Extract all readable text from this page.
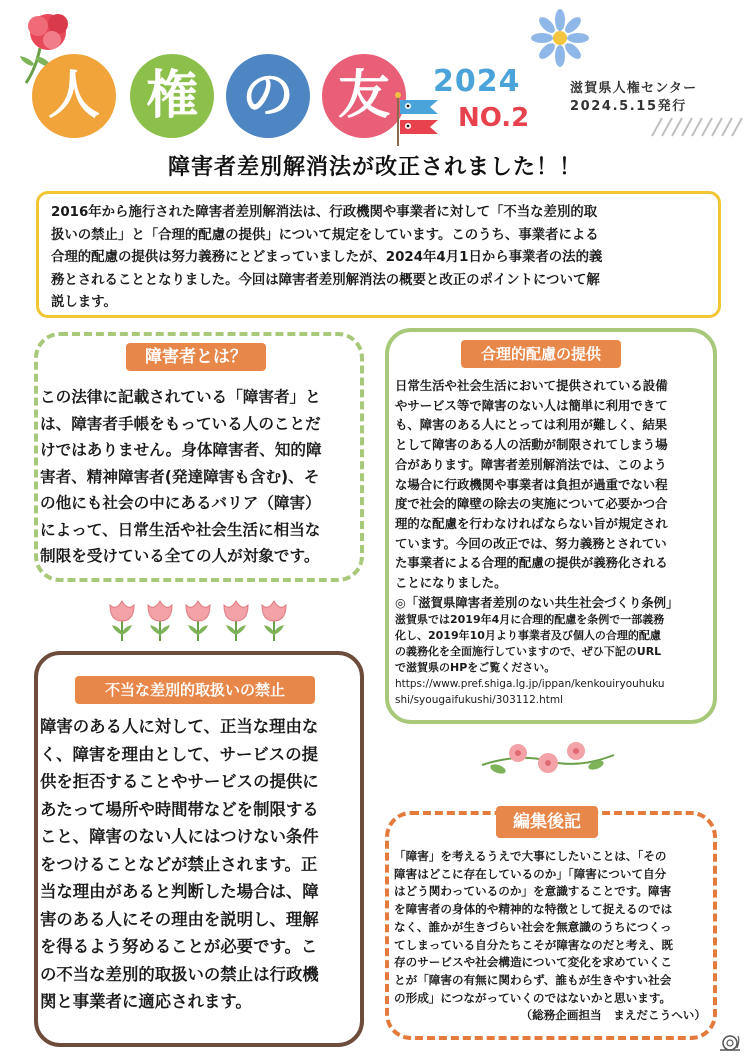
人 権 の 友	2024
NO.2
滋賀県人権センター
2024.5.15発行
障害者差別解消法が改正されました！！

2016年から施行された障害者差別解消法は、行政機関や事業者に対して「不当な差別的取
扱いの禁止」と「合理的配慮の提供」について規定をしています。このうち、事業者による
合理的配慮の提供は努力義務にとどまっていましたが、2024年4月1日から事業者の法的義
務とされることとなりました。今回は障害者差別解消法の概要と改正のポイントについて解
説します。

障害者とは？

この法律に記載されている「障害者」と
は、障害者手帳をもっている人のことだ
けではありません。身体障害者、知的障
害者、精神障害者(発達障害も含む)、そ
の他にも社会の中にあるバリア（障害）
によって、日常生活や社会生活に相当な
制限を受けている全ての人が対象です。

合理的配慮の提供
日常生活や社会生活において提供されている設備
やサービス等で障害のない人は簡単に利用できて
も、障害のある人にとっては利用が難しく、結果
として障害のある人の活動が制限されてしまう場
合があります。障害者差別解消法では、このよう
な場合に行政機関や事業者は負担が過重でない程
度で社会的障壁の除去の実施について必要かつ合
理的な配慮を行わなければならない旨が規定され
ています。今回の改正では、努力義務とされてい
た事業者による合理的配慮の提供が義務化される
ことになりました。
◎「滋賀県障害者差別のない共生社会づくり条例」
滋賀県では2019年4月に合理的配慮を条例で一部義務
化し、2019年10月より事業者及び個人の合理的配慮
の義務化を全面施行していますので、ぜひ下記のURL
で滋賀県のHPをご覧ください。
https://www.pref.shiga.lg.jp/ippan/kenkouiryouhuku
shi/syougaifukushi/303112.html
不当な差別的取扱いの禁止

障害のある人に対して、正当な理由な
く、障害を理由として、サービスの提
供を拒否することやサービスの提供に
あたって場所や時間帯などを制限する
こと、障害のない人にはつけない条件
をつけることなどが禁止されます。正
当な理由があると判断した場合は、障
害のある人にその理由を説明し、理解
を得るよう努めることが必要です。こ
の不当な差別的取扱いの禁止は行政機
関と事業者に適応されます。

編集後記

「障害」を考えるうえで大事にしたいことは、「その
障害はどこに存在しているのか」「障害について自分
はどう関わっているのか」を意識することです。障害
を障害者の身体的や精神的な特徴として捉えるのでは
なく、誰かが生きづらい社会を無意識のうちにつくっ
てしまっている自分たちこそが障害なのだと考え、既
存のサービスや社会構造について変化を求めていくこ
とが「障害の有無に関わらず、誰もが生きやすい社会
の形成」につながっていくのではないかと思います。
（総務企画担当　まえだこうへい）
